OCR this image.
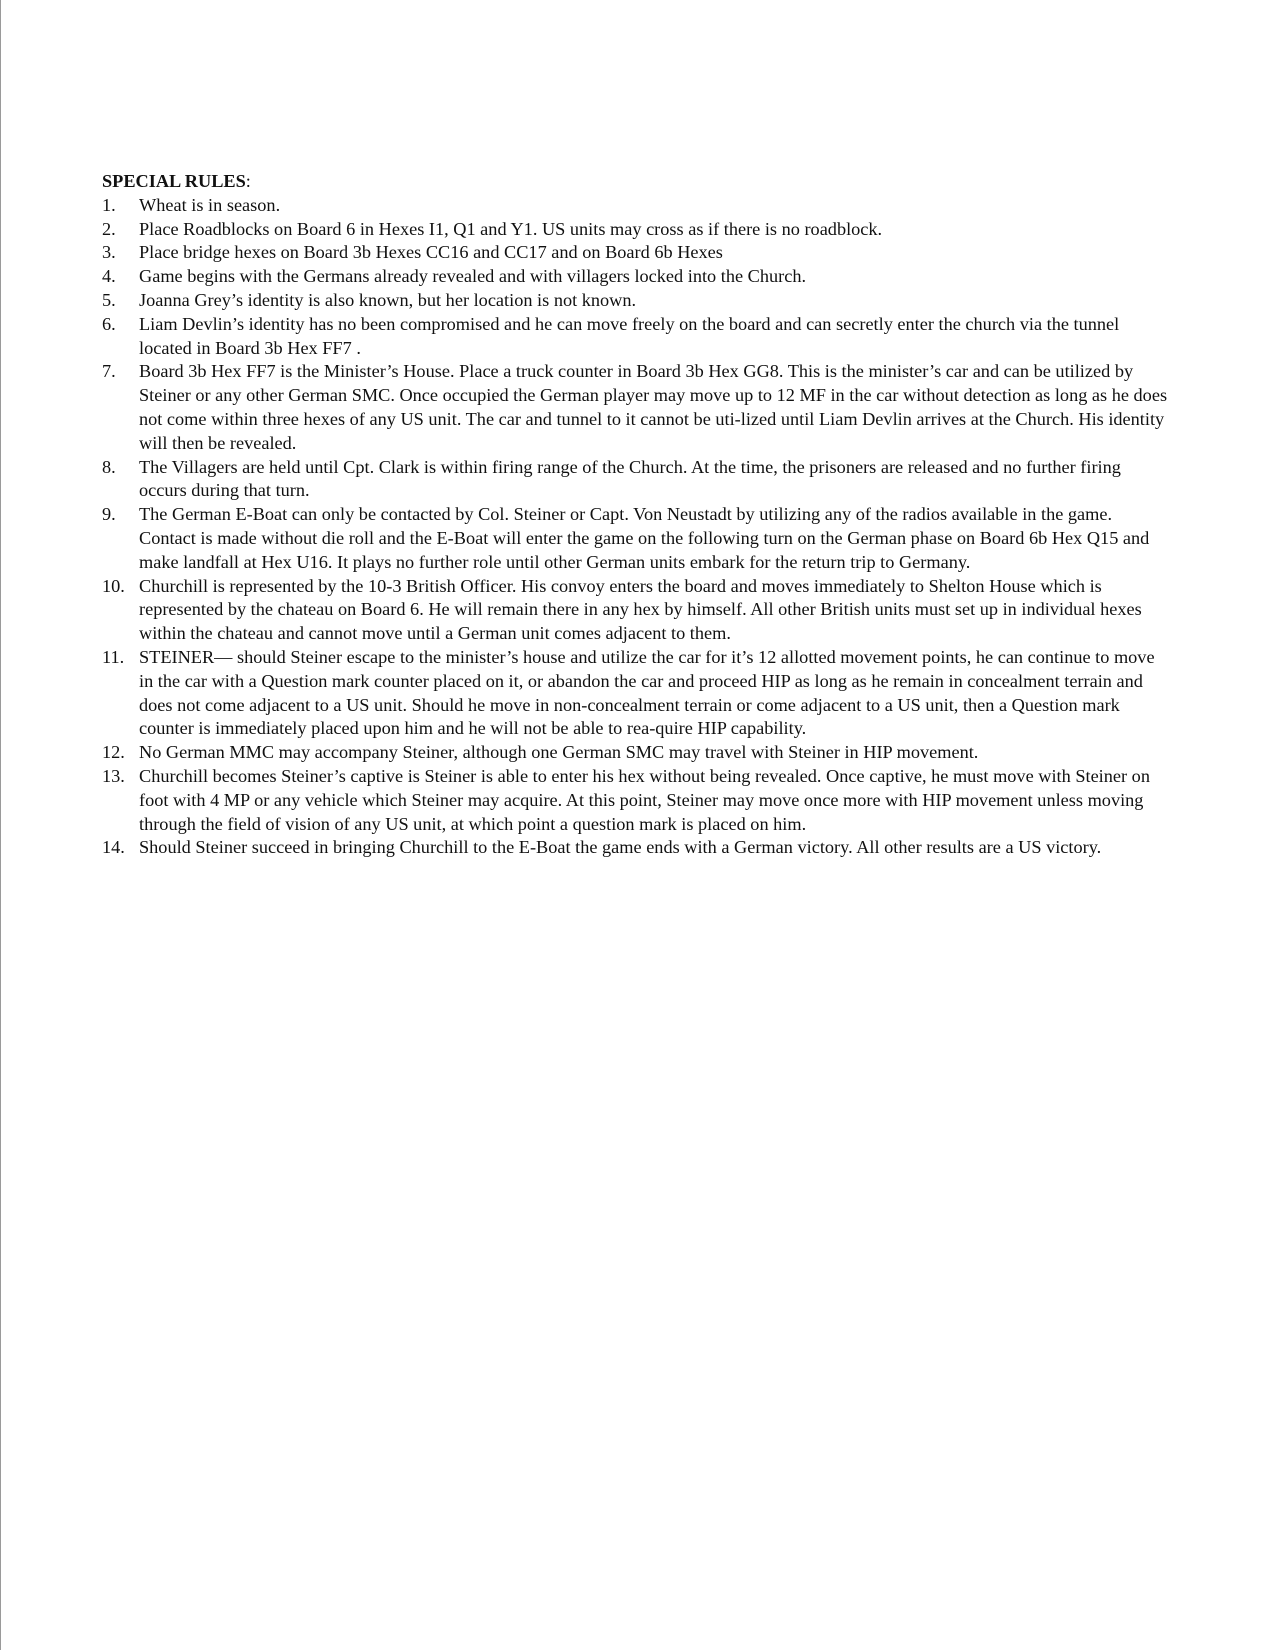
SPECIAL RULES:

1. Wheat is in season.
2. Place Roadblocks on Board 6 in Hexes I1, Q1 and Y1. US units may cross as if there is no roadblock.
3. Place bridge hexes on Board 3b Hexes CC16 and CC17 and on Board 6b Hexes
4. Game begins with the Germans already revealed and with villagers locked into the Church.
5. Joanna Grey’s identity is also known, but her location is not known.
6. Liam Devlin’s identity has no been compromised and he can move freely on the board and can secretly enter the church via the tunnel located in Board 3b Hex FF7 .
7. Board 3b Hex FF7 is the Minister’s House. Place a truck counter in Board 3b Hex GG8. This is the minister’s car and can be utilized by Steiner or any other German SMC. Once occupied the German player may move up to 12 MF in the car without detection as long as he does not come within three hexes of any US unit. The car and tunnel to it cannot be uti-lized until Liam Devlin arrives at the Church. His identity will then be revealed.
8. The Villagers are held until Cpt. Clark is within firing range of the Church. At the time, the prisoners are released and no further firing occurs during that turn.
9. The German E-Boat can only be contacted by Col. Steiner or Capt. Von Neustadt by utilizing any of the radios available in the game. Contact is made without die roll and the E-Boat will enter the game on the following turn on the German phase on Board 6b Hex Q15 and make landfall at Hex U16. It plays no further role until other German units embark for the return trip to Germany.
10. Churchill is represented by the 10-3 British Officer. His convoy enters the board and moves immediately to Shelton House which is represented by the chateau on Board 6. He will remain there in any hex by himself. All other British units must set up in individual hexes within the chateau and cannot move until a German unit comes adjacent to them.
11. STEINER— should Steiner escape to the minister’s house and utilize the car for it’s 12 allotted movement points, he can continue to move in the car with a Question mark counter placed on it, or abandon the car and proceed HIP as long as he remain in concealment terrain and does not come adjacent to a US unit. Should he move in non-concealment terrain or come adjacent to a US unit, then a Question mark counter is immediately placed upon him and he will not be able to rea-quire HIP capability.
12. No German MMC may accompany Steiner, although one German SMC may travel with Steiner in HIP movement.
13. Churchill becomes Steiner’s captive is Steiner is able to enter his hex without being revealed. Once captive, he must move with Steiner on foot with 4 MP or any vehicle which Steiner may acquire. At this point, Steiner may move once more with HIP movement unless moving through the field of vision of any US unit, at which point a question mark is placed on him.
14. Should Steiner succeed in bringing Churchill to the E-Boat the game ends with a German victory. All other results are a US victory.
